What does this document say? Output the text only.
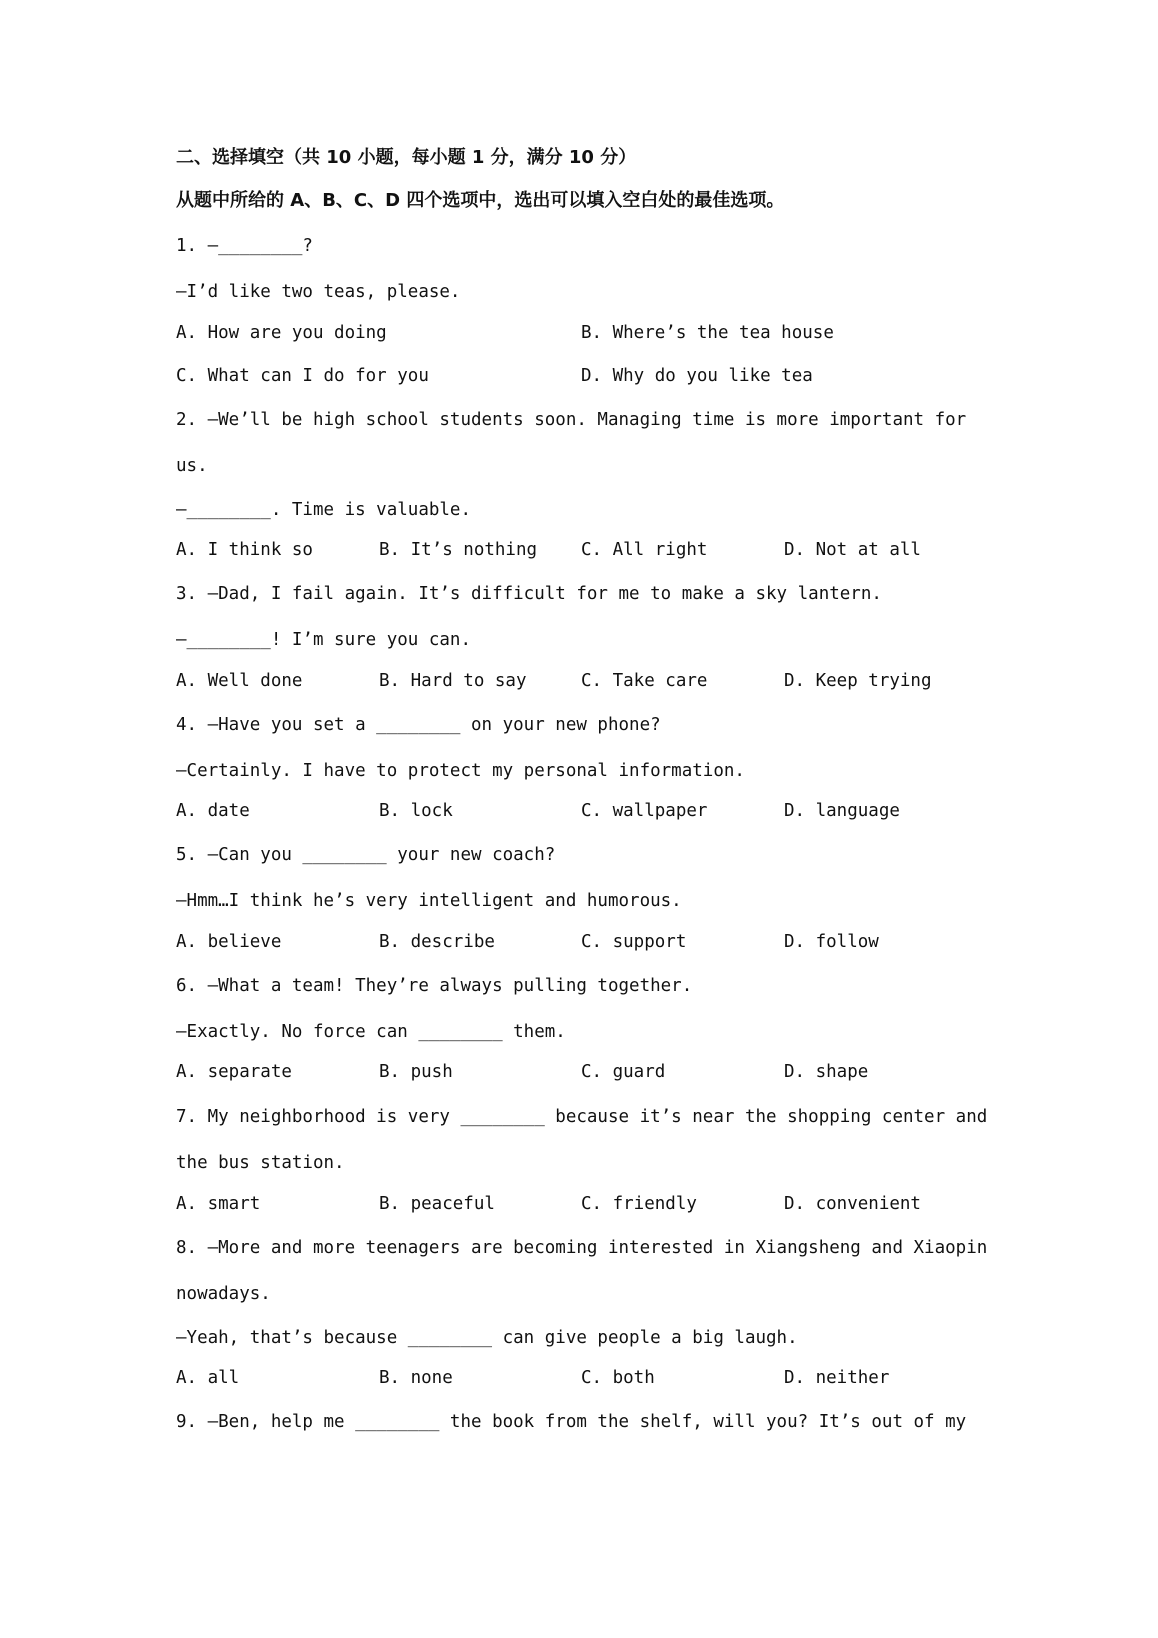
二、选择填空（共 10 小题，每小题 1 分，满分 10 分）
从题中所给的 A、B、C、D 四个选项中，选出可以填入空白处的最佳选项。
1. —________?
—I’d like two teas, please.
A. How are you doing	B. Where’s the tea house
C. What can I do for you	D. Why do you like tea
2. —We’ll be high school students soon. Managing time is more important for
us.
—________. Time is valuable.
A. I think so	B. It’s nothing	C. All right	D. Not at all
3. —Dad, I fail again. It’s difficult for me to make a sky lantern.
—________! I’m sure you can.
A. Well done	B. Hard to say	C. Take care	D. Keep trying
4. —Have you set a ________ on your new phone?
—Certainly. I have to protect my personal information.
A. date	B. lock	C. wallpaper	D. language
5. —Can you ________ your new coach?
—Hmm…I think he’s very intelligent and humorous.
A. believe	B. describe	C. support	D. follow
6. —What a team! They’re always pulling together.
—Exactly. No force can ________ them.
A. separate	B. push	C. guard	D. shape
7. My neighborhood is very ________ because it’s near the shopping center and
the bus station.
A. smart	B. peaceful	C. friendly	D. convenient
8. —More and more teenagers are becoming interested in Xiangsheng and Xiaopin
nowadays.
—Yeah, that’s because ________ can give people a big laugh.
A. all	B. none	C. both	D. neither
9. —Ben, help me ________ the book from the shelf, will you? It’s out of my
